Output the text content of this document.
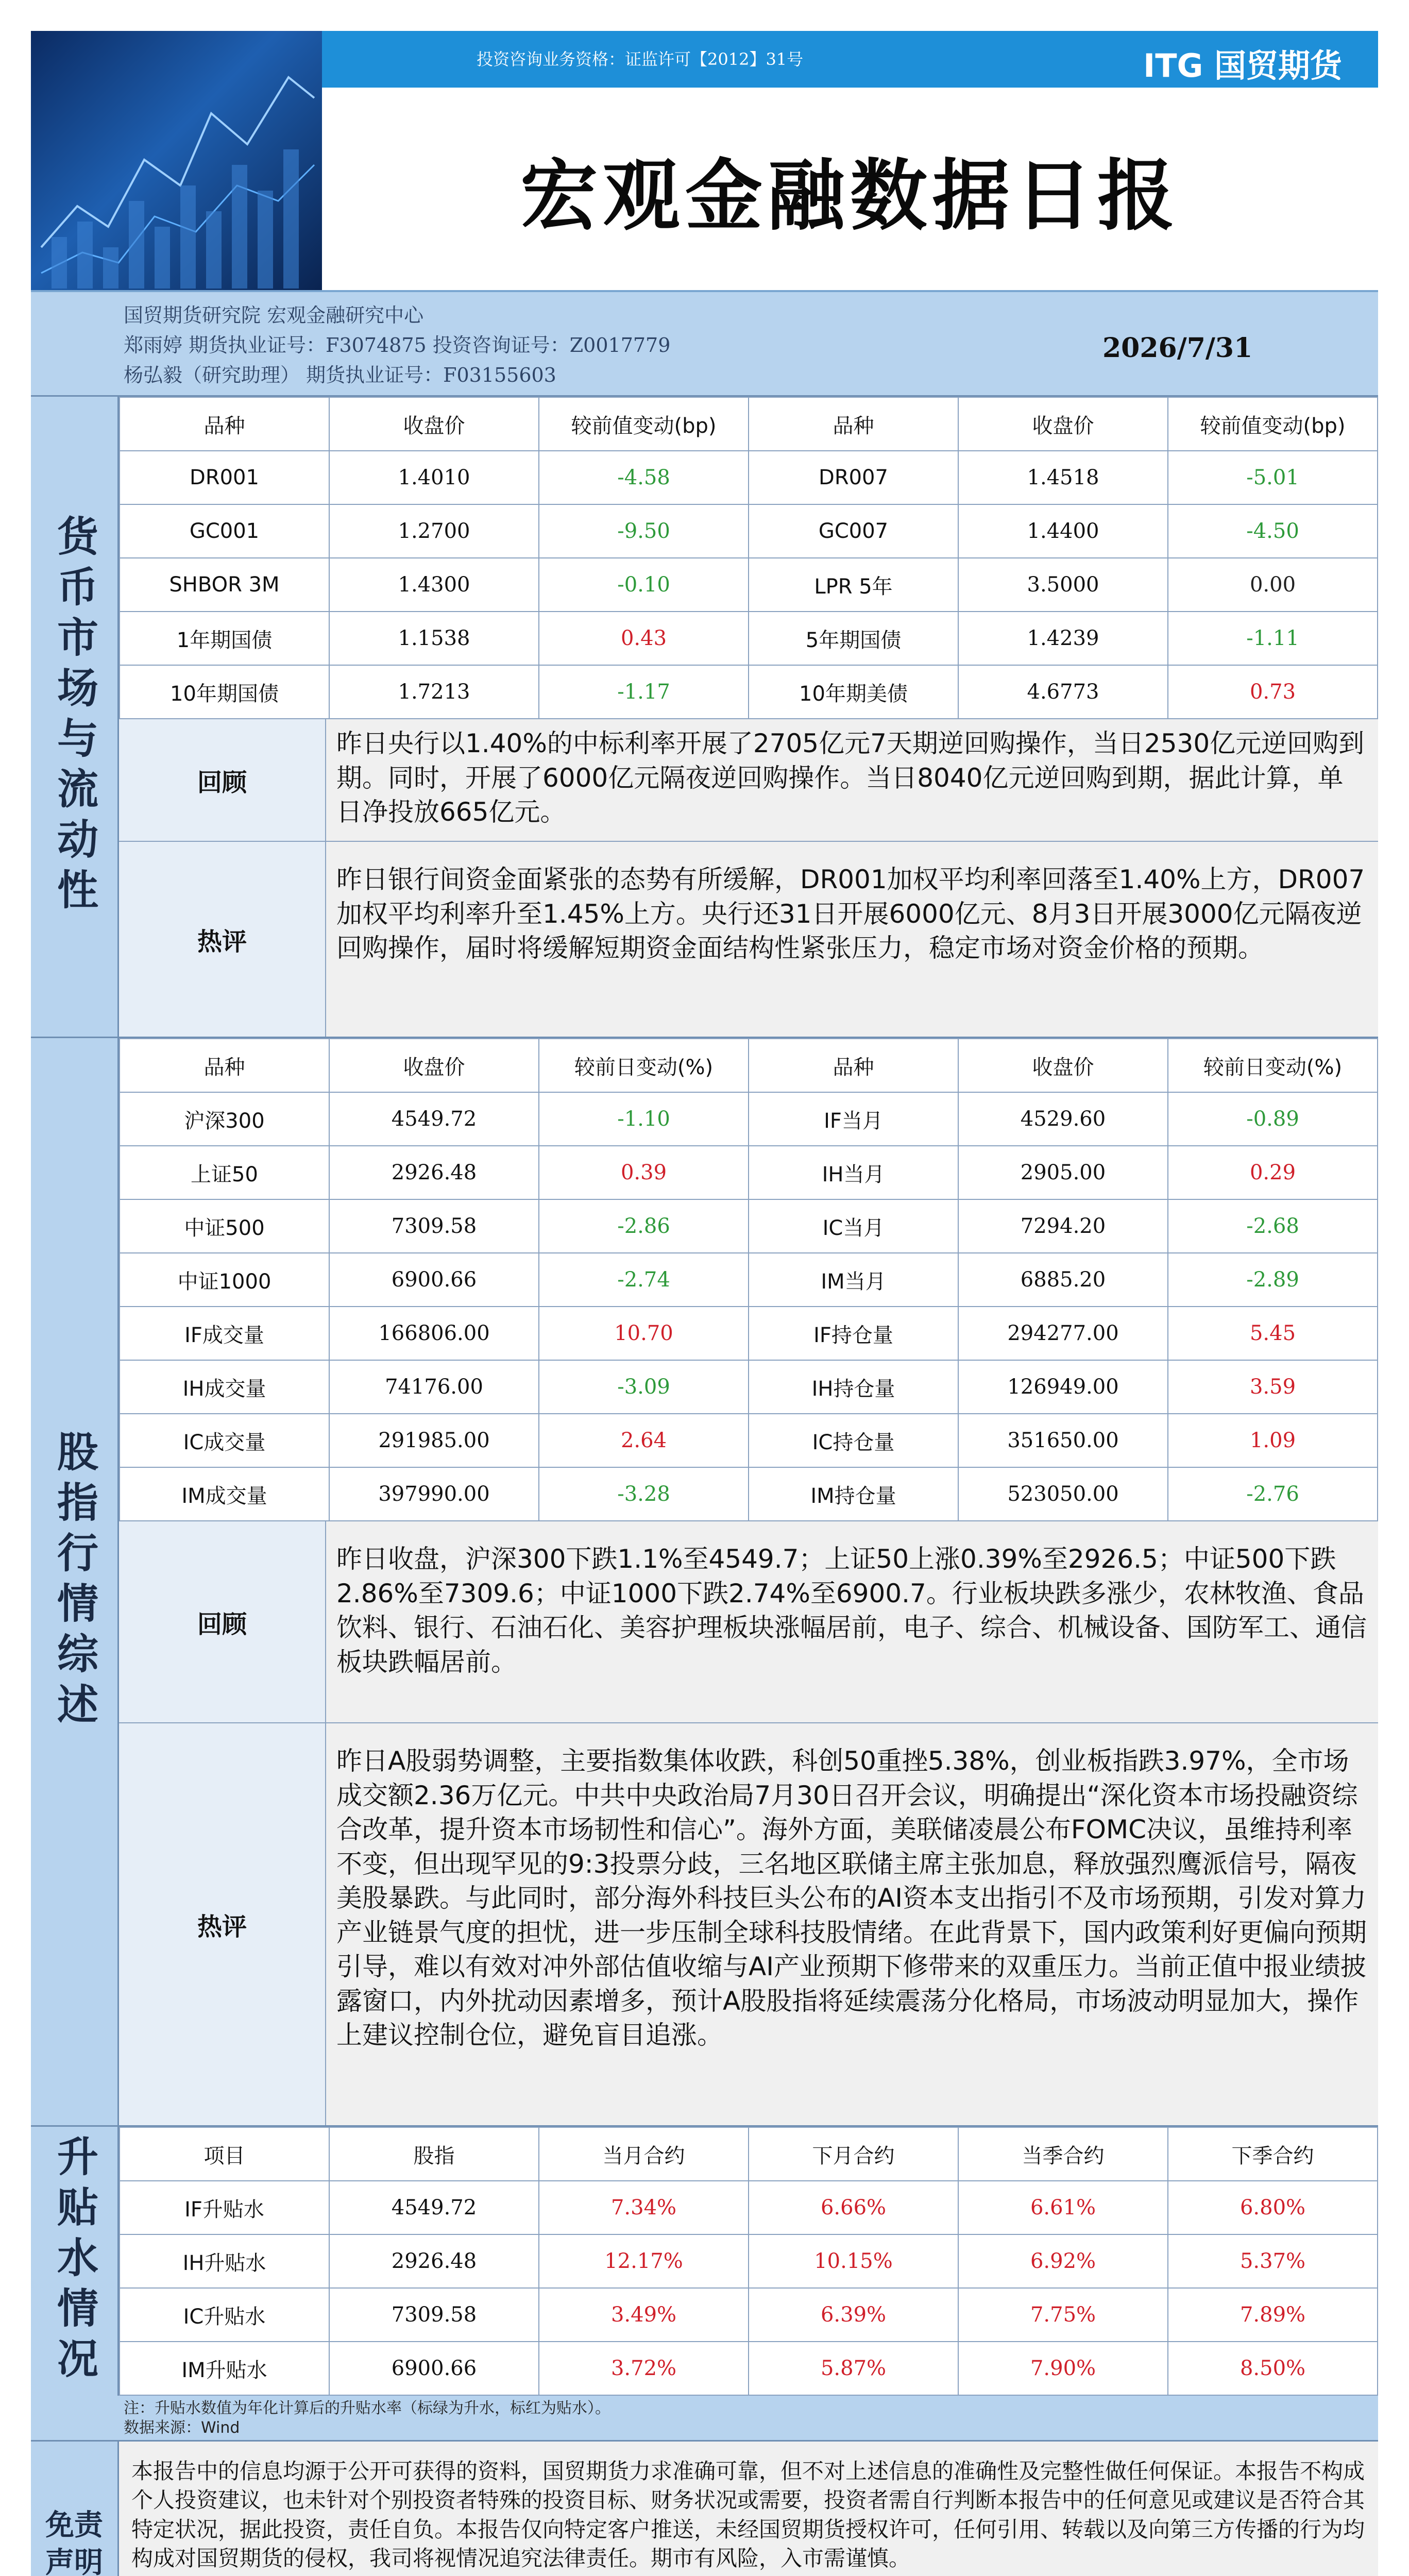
投资咨询业务资格：证监许可【2012】31号	ITG 国贸期货
宏观金融数据日报
国贸期货研究院 宏观金融研究中心
郑雨婷 期货执业证号：F3074875 投资咨询证号：Z0017779
杨弘毅（研究助理） 期货执业证号：F03155603
2026/7/31
货币市场与流动性
品种	收盘价	较前值变动(bp)	品种	收盘价	较前值变动(bp)
DR001	1.4010	-4.58	DR007	1.4518	-5.01
GC001	1.2700	-9.50	GC007	1.4400	-4.50
SHBOR 3M	1.4300	-0.10	LPR 5年	3.5000	0.00
1年期国债	1.1538	0.43	5年期国债	1.4239	-1.11
10年期国债	1.7213	-1.17	10年期美债	4.6773	0.73
回顾
昨日央行以1.40%的中标利率开展了2705亿元7天期逆回购操作，当日2530亿元逆回购到期。同时，开展了6000亿元隔夜逆回购操作。当日8040亿元逆回购到期，据此计算，单日净投放665亿元。
热评
昨日银行间资金面紧张的态势有所缓解，DR001加权平均利率回落至1.40%上方，DR007加权平均利率升至1.45%上方。央行还31日开展6000亿元、8月3日开展3000亿元隔夜逆回购操作，届时将缓解短期资金面结构性紧张压力，稳定市场对资金价格的预期。
股指行情综述
品种	收盘价	较前日变动(%)	品种	收盘价	较前日变动(%)
沪深300	4549.72	-1.10	IF当月	4529.60	-0.89
上证50	2926.48	0.39	IH当月	2905.00	0.29
中证500	7309.58	-2.86	IC当月	7294.20	-2.68
中证1000	6900.66	-2.74	IM当月	6885.20	-2.89
IF成交量	166806.00	10.70	IF持仓量	294277.00	5.45
IH成交量	74176.00	-3.09	IH持仓量	126949.00	3.59
IC成交量	291985.00	2.64	IC持仓量	351650.00	1.09
IM成交量	397990.00	-3.28	IM持仓量	523050.00	-2.76
回顾
昨日收盘，沪深300下跌1.1%至4549.7；上证50上涨0.39%至2926.5；中证500下跌2.86%至7309.6；中证1000下跌2.74%至6900.7。行业板块跌多涨少，农林牧渔、食品饮料、银行、石油石化、美容护理板块涨幅居前，电子、综合、机械设备、国防军工、通信板块跌幅居前。
热评
昨日A股弱势调整，主要指数集体收跌，科创50重挫5.38%，创业板指跌3.97%，全市场成交额2.36万亿元。中共中央政治局7月30日召开会议，明确提出“深化资本市场投融资综合改革，提升资本市场韧性和信心”。海外方面，美联储凌晨公布FOMC决议，虽维持利率不变，但出现罕见的9:3投票分歧，三名地区联储主席主张加息，释放强烈鹰派信号，隔夜美股暴跌。与此同时，部分海外科技巨头公布的AI资本支出指引不及市场预期，引发对算力产业链景气度的担忧，进一步压制全球科技股情绪。在此背景下，国内政策利好更偏向预期引导，难以有效对冲外部估值收缩与AI产业预期下修带来的双重压力。当前正值中报业绩披露窗口，内外扰动因素增多，预计A股股指将延续震荡分化格局，市场波动明显加大，操作上建议控制仓位，避免盲目追涨。
升贴水情况	项目	股指	当月合约	下月合约	当季合约	下季合约
IF升贴水	4549.72	7.34%	6.66%	6.61%	6.80%
IH升贴水	2926.48	12.17%	10.15%	6.92%	5.37%
IC升贴水	7309.58	3.49%	6.39%	7.75%	7.89%
IM升贴水	6900.66	3.72%	5.87%	7.90%	8.50%
注：升贴水数值为年化计算后的升贴水率（标绿为升水，标红为贴水）。
数据来源：Wind
免责声明
本报告中的信息均源于公开可获得的资料，国贸期货力求准确可靠，但不对上述信息的准确性及完整性做任何保证。本报告不构成个人投资建议，也未针对个别投资者特殊的投资目标、财务状况或需要，投资者需自行判断本报告中的任何意见或建议是否符合其特定状况，据此投资，责任自负。本报告仅向特定客户推送，未经国贸期货授权许可，任何引用、转载以及向第三方传播的行为均构成对国贸期货的侵权，我司将视情况追究法律责任。期市有风险，入市需谨慎。
